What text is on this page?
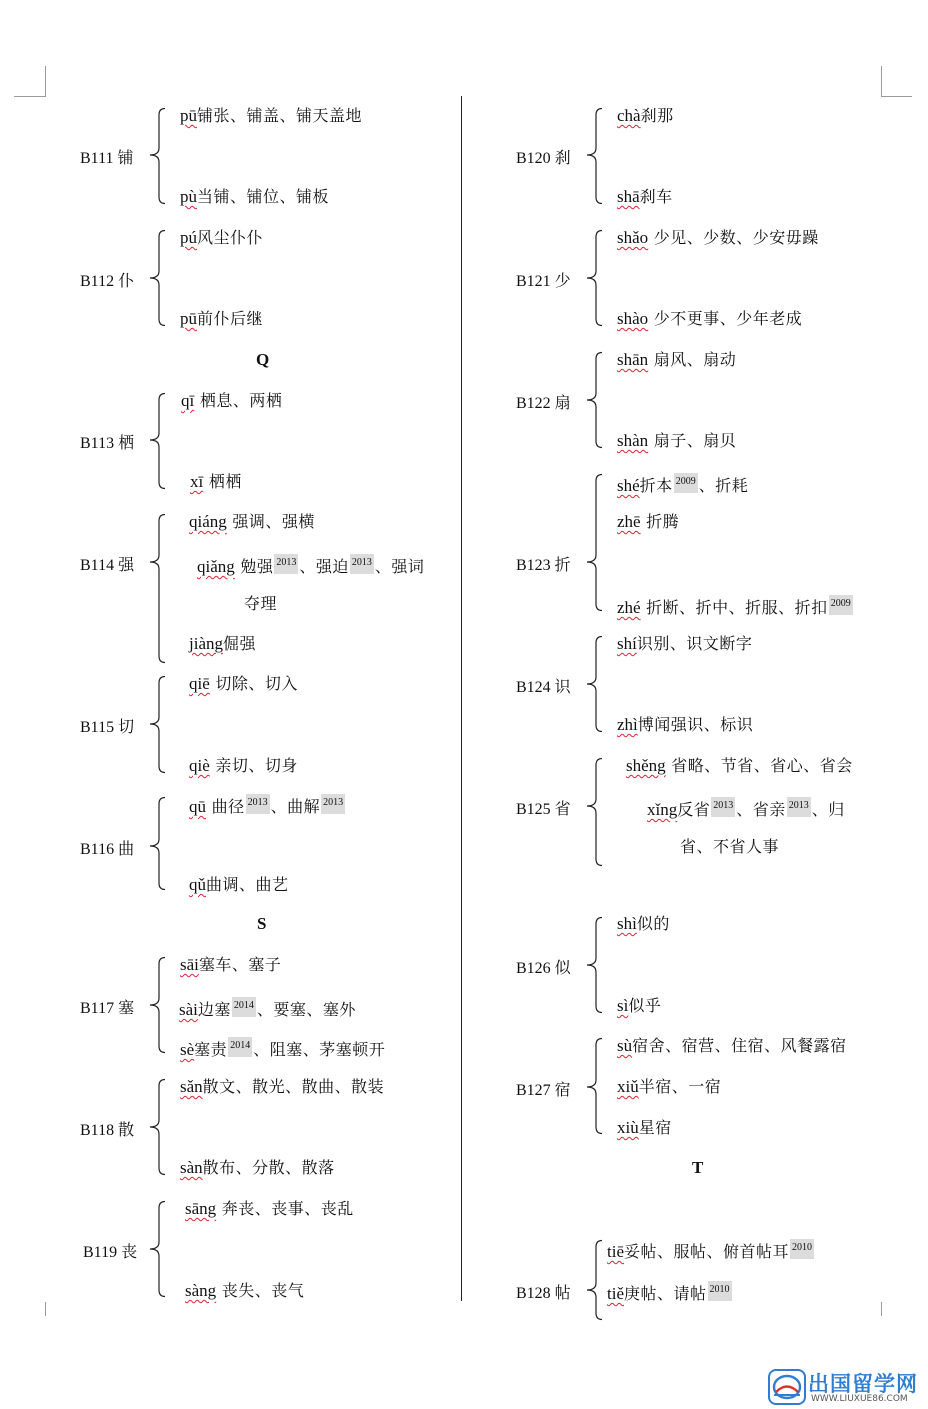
Q
S
T
B111 铺
pū铺张、铺盖、铺天盖地
pù当铺、铺位、铺板
B112 仆
pú风尘仆仆
pū前仆后继
B113 栖
qī 栖息、两栖
xī 栖栖
B114 强
qiáng 强调、强横
qiǎng 勉强 $^{2013}$ 、强迫 $^{2013}$ 、强词
夺理
jiàng倔强
B115 切
qiē 切除、切入
qiè 亲切、切身
B116 曲
qū 曲径 $^{2013}$ 、曲解 $^{2013}$
qǔ曲调、曲艺
B117 塞
sāi塞车、塞子
sài边塞 $^{2014}$ 、要塞、塞外
sè塞责 $^{2014}$ 、阻塞、茅塞顿开
B118 散
sǎn散文、散光、散曲、散装
sàn散布、分散、散落
B119 丧
sāng 奔丧、丧事、丧乱
sàng 丧失、丧气
B120 刹
chà刹那
shā刹车
B121 少
shǎo 少见、少数、少安毋躁
shào 少不更事、少年老成
B122 扇
shān 扇风、扇动
shàn 扇子、扇贝
B123 折
shé折本 $^{2009}$ 、折耗
zhē 折腾
zhé 折断、折中、折服、折扣 $^{2009}$
B124 识
shí识别、识文断字
zhì博闻强识、标识
B125 省
shěng 省略、节省、省心、省会
xǐng反省 $^{2013}$ 、省亲 $^{2013}$ 、归
省、不省人事
B126 似
shì似的
sì似乎
B127 宿
sù宿舍、宿营、住宿、风餐露宿
xiǔ半宿、一宿
xiù星宿
B128 帖
tiē妥帖、服帖、俯首帖耳 $^{2010}$
tiě庚帖、请帖 $^{2010}$
出国留学网
WWW.LIUXUE86.COM
